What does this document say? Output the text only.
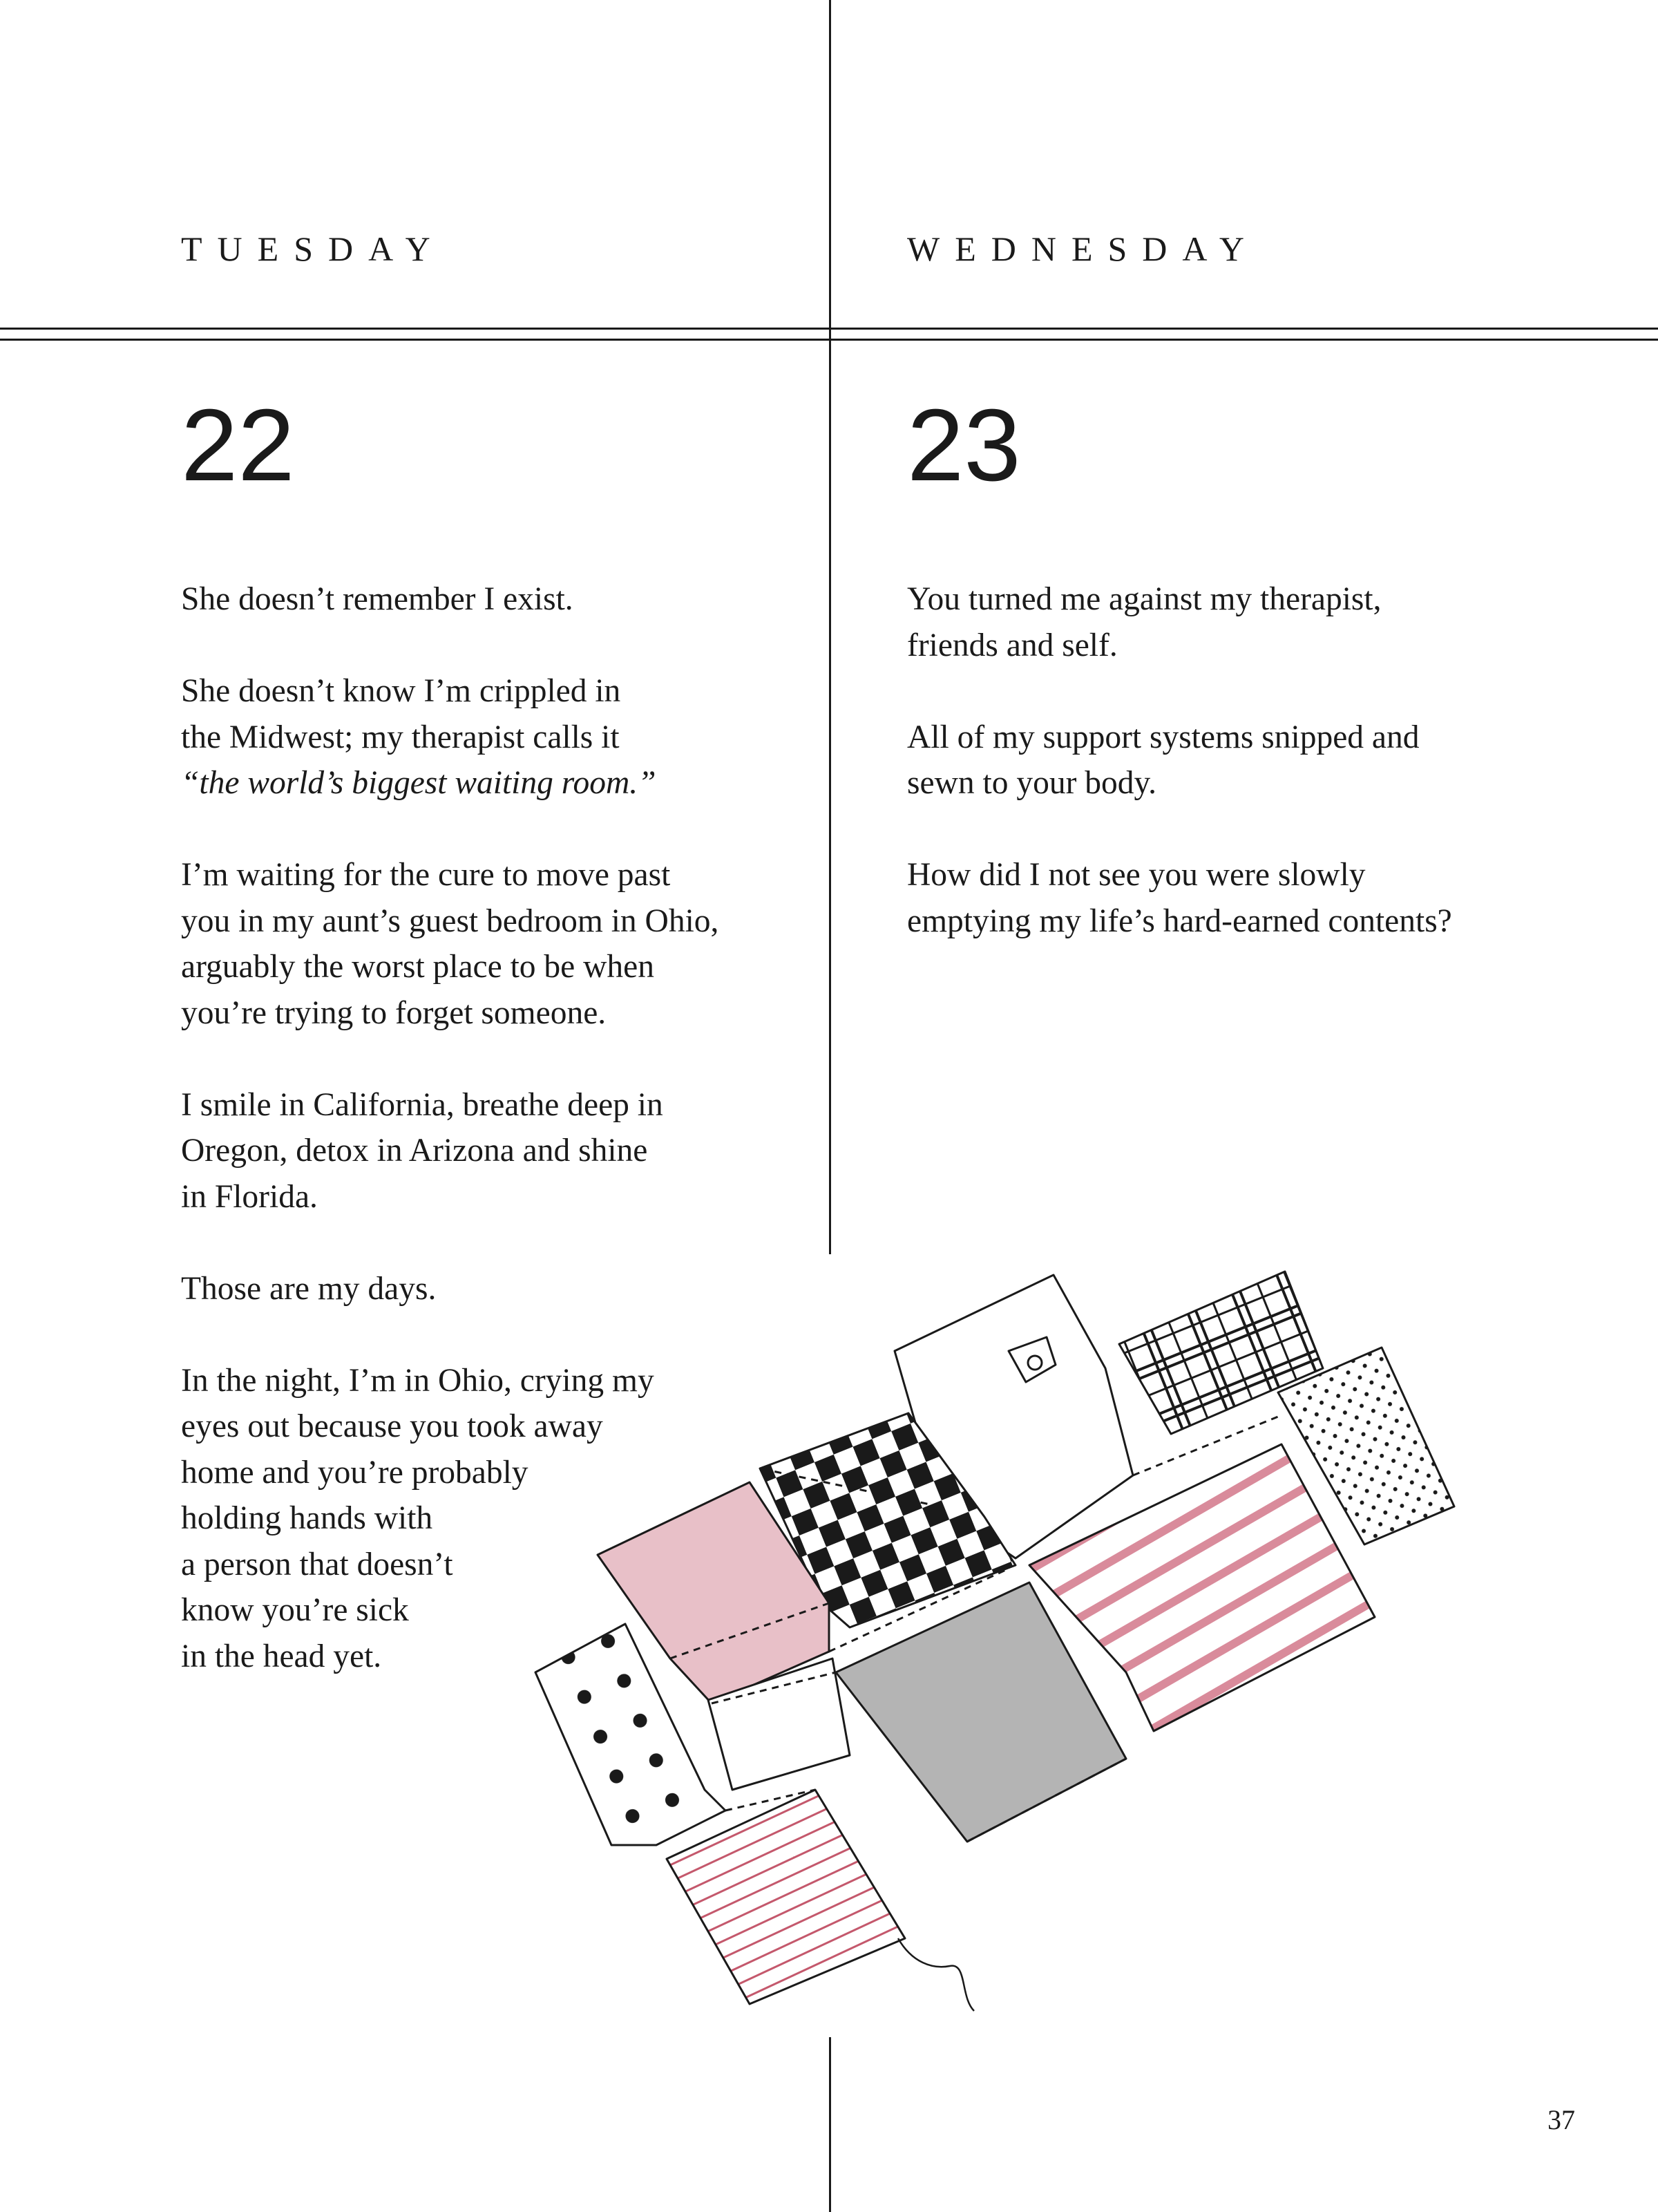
TUESDAY
22
She doesn’t remember I exist.
She doesn’t know I’m crippled in
the Midwest; my therapist calls it
“the world’s biggest waiting room.”
I’m waiting for the cure to move past
you in my aunt’s guest bedroom in Ohio,
arguably the worst place to be when
you’re trying to forget someone.
I smile in California, breathe deep in
Oregon, detox in Arizona and shine
in Florida.
Those are my days.
In the night, I’m in Ohio, crying my
eyes out because you took away
home and you’re probably
holding hands with
a person that doesn’t
know you’re sick
in the head yet.
WEDNESDAY
23
You turned me against my therapist,
friends and self.
All of my support systems snipped and
sewn to your body.
How did I not see you were slowly
emptying my life’s hard-earned contents?
37
